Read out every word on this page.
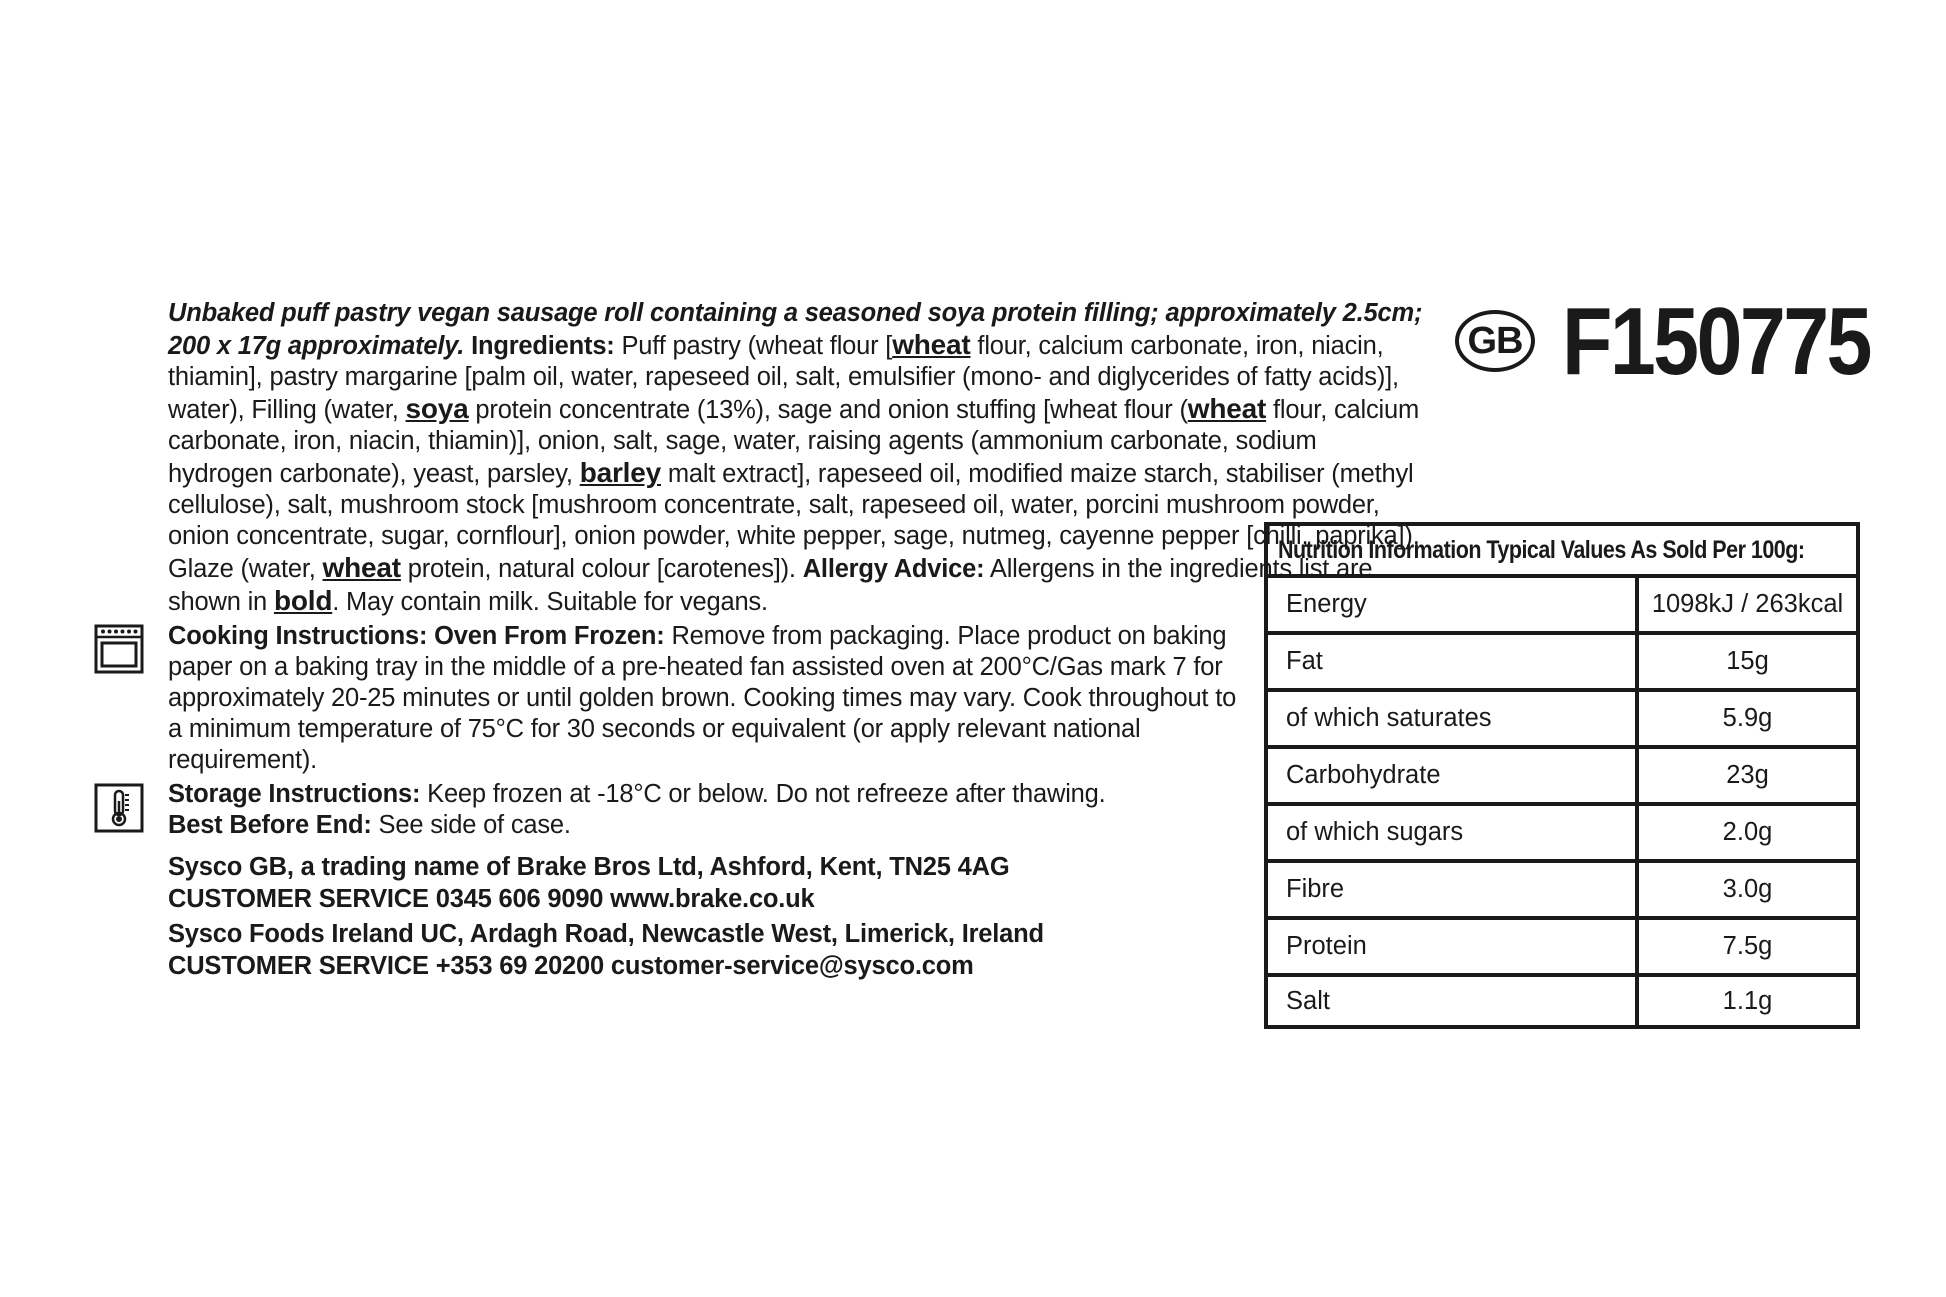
Unbaked puff pastry vegan sausage roll containing a seasoned soya protein filling; approximately 2.5cm; 200 x 17g approximately. Ingredients: Puff pastry (wheat flour [wheat flour, calcium carbonate, iron, niacin, thiamin], pastry margarine [palm oil, water, rapeseed oil, salt, emulsifier (mono- and diglycerides of fatty acids)], water), Filling (water, soya protein concentrate (13%), sage and onion stuffing [wheat flour (wheat flour, calcium carbonate, iron, niacin, thiamin)], onion, salt, sage, water, raising agents (ammonium carbonate, sodium hydrogen carbonate), yeast, parsley, barley malt extract], rapeseed oil, modified maize starch, stabiliser (methyl cellulose), salt, mushroom stock [mushroom concentrate, salt, rapeseed oil, water, porcini mushroom powder, onion concentrate, sugar, cornflour], onion powder, white pepper, sage, nutmeg, cayenne pepper [chilli, paprika]), Glaze (water, wheat protein, natural colour [carotenes]). Allergy Advice: Allergens in the ingredients list are shown in bold. May contain milk. Suitable for vegans.

Cooking Instructions: Oven From Frozen: Remove from packaging. Place product on baking paper on a baking tray in the middle of a pre-heated fan assisted oven at 200°C/Gas mark 7 for approximately 20-25 minutes or until golden brown. Cooking times may vary. Cook throughout to a minimum temperature of 75°C for 30 seconds or equivalent (or apply relevant national requirement).
Storage Instructions: Keep frozen at -18°C or below. Do not refreeze after thawing.
Best Before End: See side of case.
Sysco GB, a trading name of Brake Bros Ltd, Ashford, Kent, TN25 4AG
CUSTOMER SERVICE 0345 606 9090 www.brake.co.uk
Sysco Foods Ireland UC, Ardagh Road, Newcastle West, Limerick, Ireland
CUSTOMER SERVICE +353 69 20200 customer-service@sysco.com
GB F150775
Nutrition Information Typical Values As Sold Per 100g:
Energy	1098kJ / 263kcal
Fat	15g
of which saturates	5.9g
Carbohydrate	23g
of which sugars	2.0g
Fibre	3.0g
Protein	7.5g
Salt	1.1g
